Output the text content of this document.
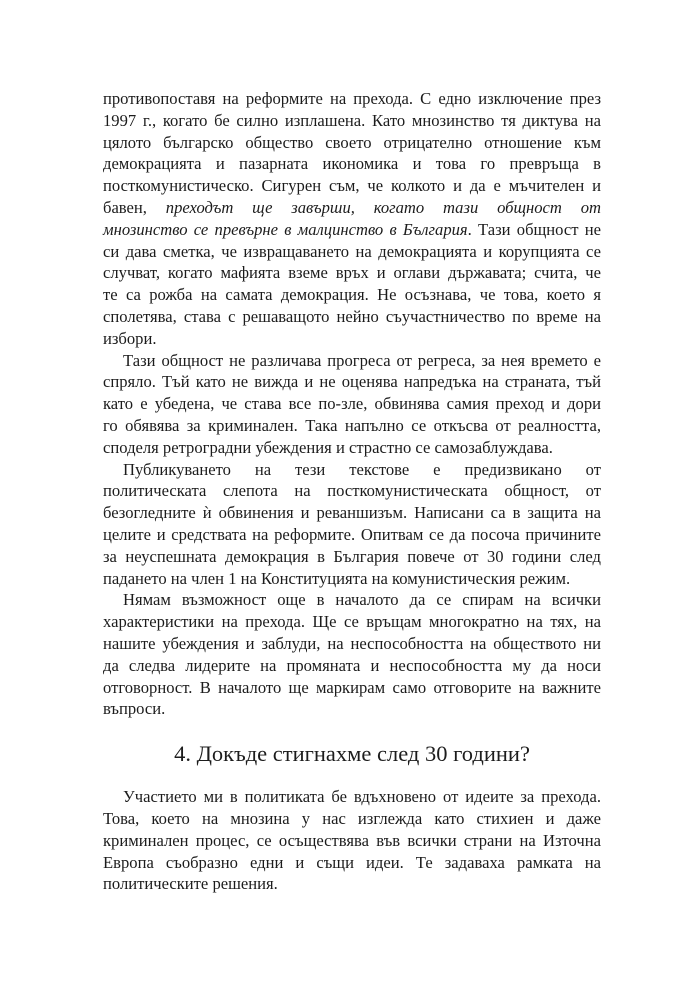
противопоставя на реформите на прехода. С едно изключение през
1997 г., когато бе силно изплашена. Като мнозинство тя диктува на
цялото българско общество своето отрицателно отношение към
демокрацията и пазарната икономика и това го превръща в
посткомунистическо. Сигурен съм, че колкото и да е мъчителен и
бавен, преходът ще завърши, когато тази общност от
мнозинство се превърне в малцинство в България. Тази общност не
си дава сметка, че извращаването на демокрацията и корупцията се
случват, когато мафията вземе връх и оглави държавата; счита, че
те са рожба на самата демокрация. Не осъзнава, че това, което я
сполетява, става с решаващото нейно съучастничество по време на
избори.
Тази общност не различава прогреса от регреса, за нея времето е
спряло. Тъй като не вижда и не оценява напредъка на страната, тъй
като е убедена, че става все по-зле, обвинява самия преход и дори
го обявява за криминален. Така напълно се откъсва от реалността,
споделя ретроградни убеждения и страстно се самозаблуждава.
Публикуването на тези текстове е предизвикано от
политическата слепота на посткомунистическата общност, от
безогледните ѝ обвинения и реваншизъм. Написани са в защита на
целите и средствата на реформите. Опитвам се да посоча причините
за неуспешната демокрация в България повече от 30 години след
падането на член 1 на Конституцията на комунистическия режим.
Нямам възможност още в началото да се спирам на всички
характеристики на прехода. Ще се връщам многократно на тях, на
нашите убеждения и заблуди, на неспособността на обществото ни
да следва лидерите на промяната и неспособността му да носи
отговорност. В началото ще маркирам само отговорите на важните
въпроси.
4. Докъде стигнахме след 30 години?
Участието ми в политиката бе вдъхновено от идеите за прехода.
Това, което на мнозина у нас изглежда като стихиен и даже
криминален процес, се осъществява във всички страни на Източна
Европа съобразно едни и същи идеи. Те задаваха рамката на
политическите решения.
